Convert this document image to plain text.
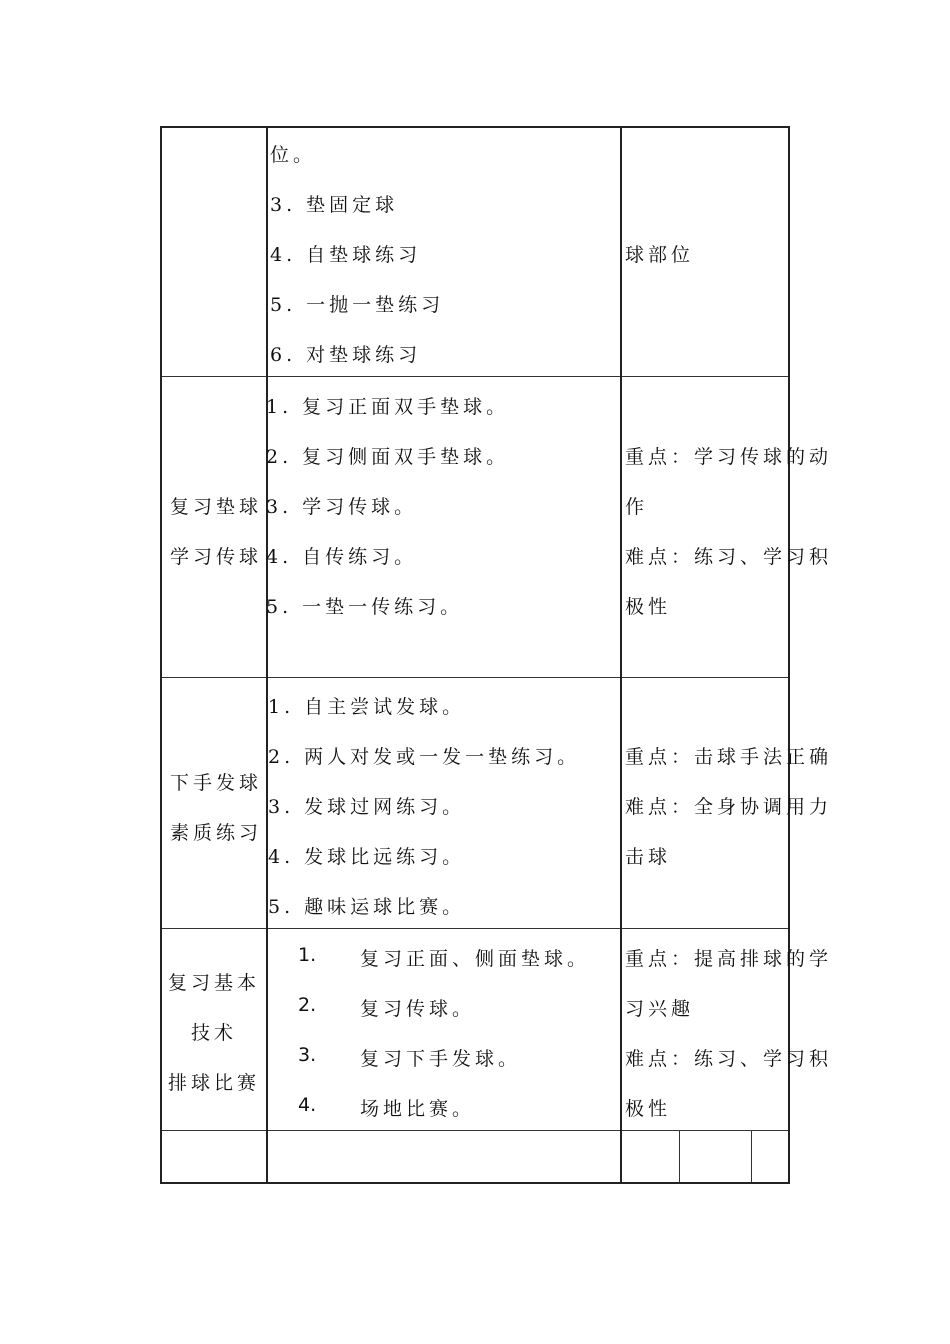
位。
3. 垫固定球
4. 自垫球练习
5. 一抛一垫练习
6. 对垫球练习
球部位
复习垫球
学习传球
1. 复习正面双手垫球。
2. 复习侧面双手垫球。
3. 学习传球。
4. 自传练习。
5. 一垫一传练习。
重点：学习传球的动
作
难点：练习、学习积
极性
下手发球
素质练习
1. 自主尝试发球。
2. 两人对发或一发一垫练习。
3. 发球过网练习。
4. 发球比远练习。
5. 趣味运球比赛。
重点：击球手法正确
难点：全身协调用力
击球
复习基本
技术
排球比赛
1. 复习正面、侧面垫球。
2. 复习传球。
3. 复习下手发球。
4. 场地比赛。
重点：提高排球的学
习兴趣
难点：练习、学习积
极性
